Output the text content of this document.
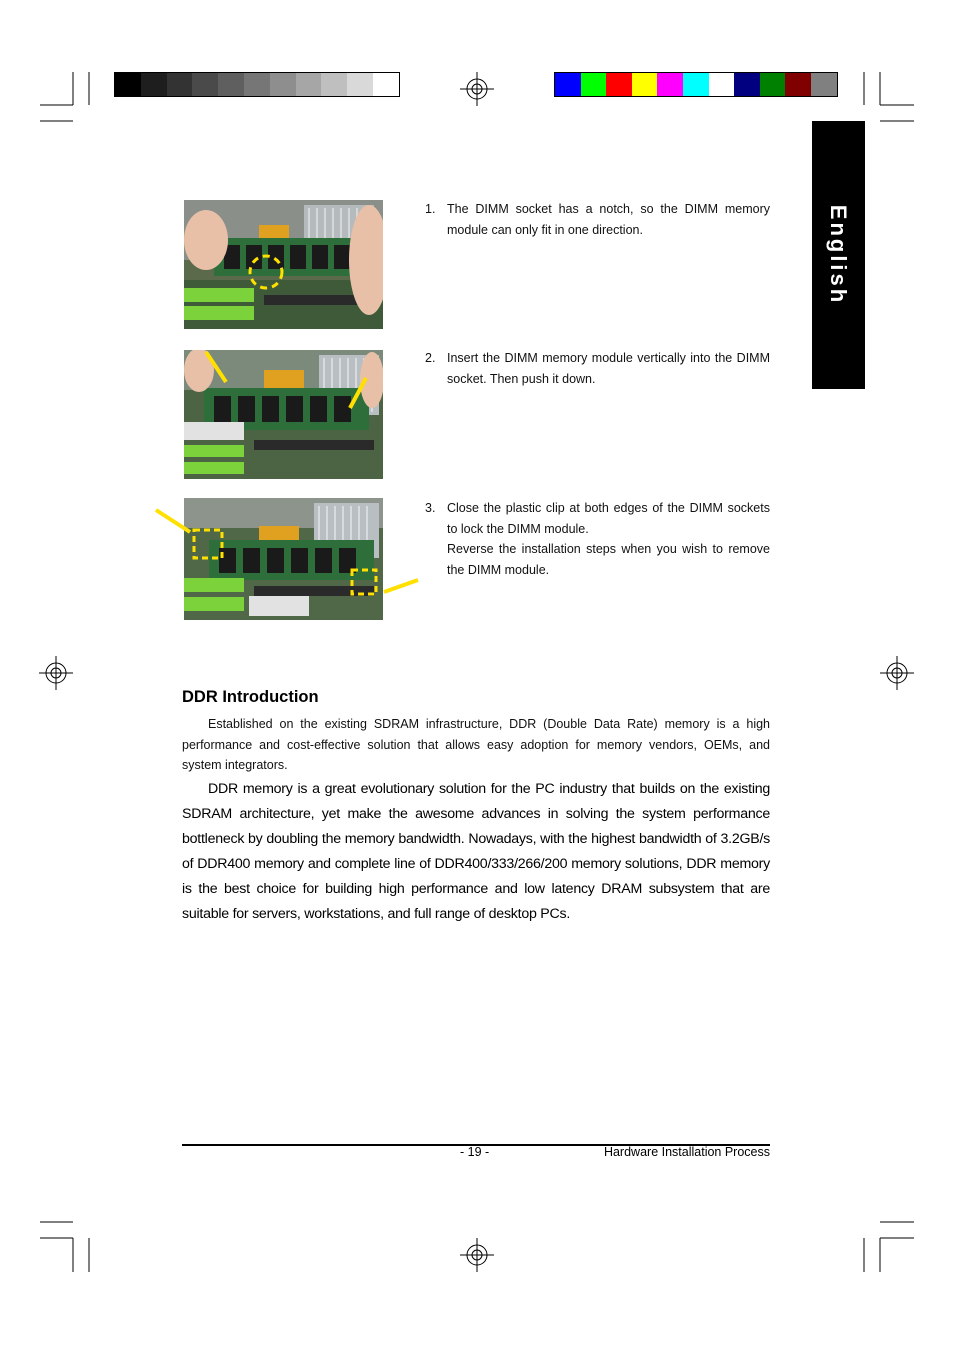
English
1. The DIMM socket has a notch, so the DIMM memory module can only fit in one direction.
2. Insert the DIMM memory module vertically into the DIMM socket. Then push it down.
3. Close the plastic clip at both edges of the DIMM sockets to lock the DIMM module.
Reverse the installation steps when you wish to remove the DIMM module.
DDR Introduction
Established on the existing SDRAM infrastructure, DDR (Double Data Rate) memory is a high performance and cost-effective solution that allows easy adoption for memory vendors, OEMs, and system integrators.
DDR memory is a great evolutionary solution for the PC industry that builds on the existing SDRAM architecture, yet make the awesome advances in solving the system performance bottleneck by doubling the memory bandwidth. Nowadays, with the highest bandwidth of 3.2GB/s of DDR400 memory and complete line of DDR400/333/266/200 memory solutions, DDR memory is the best choice for building high performance and low latency DRAM subsystem that are suitable for servers, workstations, and full range of desktop PCs.
- 19 -	Hardware Installation Process
